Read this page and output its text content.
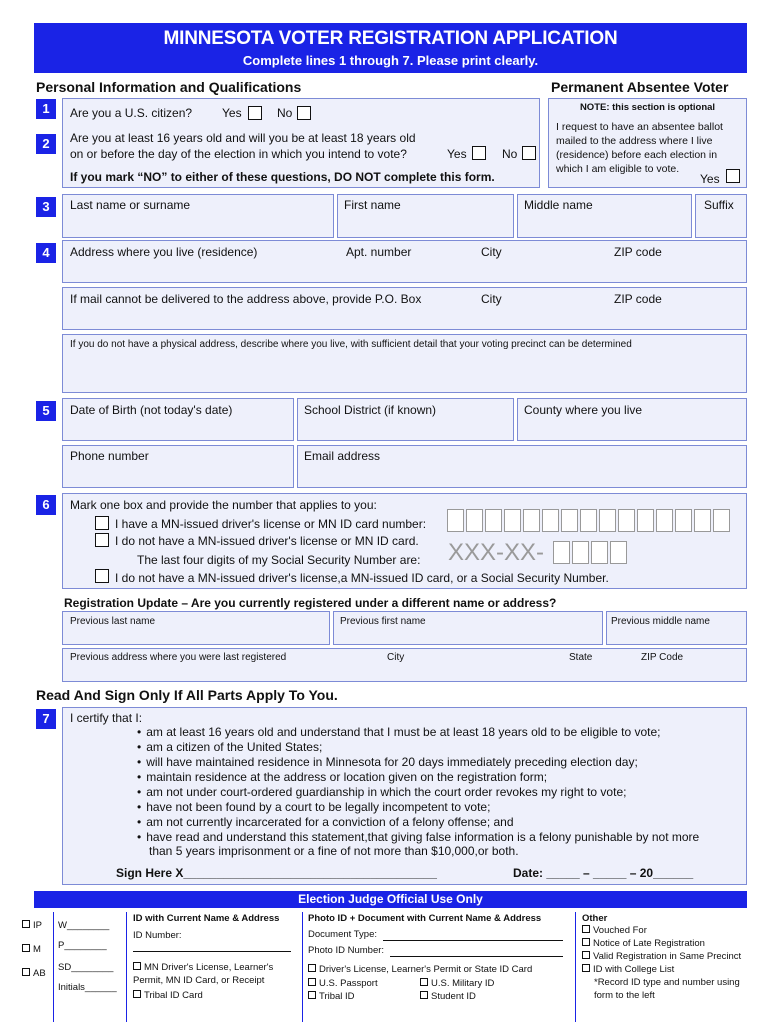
MINNESOTA VOTER REGISTRATION APPLICATION
Complete lines 1 through 7. Please print clearly.
Personal Information and Qualifications	Permanent Absentee Voter
1	Are you a U.S. citizen? Yes	No
2	Are you at least 16 years old and will you be at least 18 years old
on or before the day of the election in which you intend to vote?	Yes	No
If you mark “NO” to either of these questions, DO NOT complete this form.
NOTE: this section is optional
I request to have an absentee ballot mailed to the address where I live (residence) before each election in which I am eligible to vote.
Yes
3	Last name or surname	First name	Middle name	Suffix
4	Address where you live (residence)	Apt. number	City	ZIP code
If mail cannot be delivered to the address above, provide P.O. Box	City	ZIP code
If you do not have a physical address, describe where you live, with sufficient detail that your voting precinct can be determined
5	Date of Birth (not today's date)	School District (if known)	County where you live
Phone number	Email address
6	Mark one box and provide the number that applies to you:
I have a MN-issued driver's license or MN ID card number:
I do not have a MN-issued driver's license or MN ID card.
The last four digits of my Social Security Number are: XXX-XX-
I do not have a MN-issued driver's license,a MN-issued ID card, or a Social Security Number.
Registration Update – Are you currently registered under a different name or address?
Previous last name	Previous first name	Previous middle name
Previous address where you were last registered	City	State	ZIP Code
Read And Sign Only If All Parts Apply To You.
7	I certify that I:
• am at least 16 years old and understand that I must be at least 18 years old to be eligible to vote;
• am a citizen of the United States;
• will have maintained residence in Minnesota for 20 days immediately preceding election day;
• maintain residence at the address or location given on the registration form;
• am not under court-ordered guardianship in which the court order revokes my right to vote;
• have not been found by a court to be legally incompetent to vote;
• am not currently incarcerated for a conviction of a felony offense; and
• have read and understand this statement,that giving false information is a felony punishable by not more
than 5 years imprisonment or a fine of not more than $10,000,or both.
Sign Here X______________________________________	Date: _____ – _____ – 20______
Election Judge Official Use Only
IP
M
AB
W________
P________
SD________
Initials______
ID with Current Name & Address
ID Number:
MN Driver's License, Learner's Permit, MN ID Card, or Receipt
Tribal ID Card
Photo ID + Document with Current Name & Address
Document Type:
Photo ID Number:
Driver's License, Learner's Permit or State ID Card
U.S. Passport	U.S. Military ID
Tribal ID	Student ID
Other
Vouched For
Notice of Late Registration
Valid Registration in Same Precinct
ID with College List
*Record ID type and number using form to the left
